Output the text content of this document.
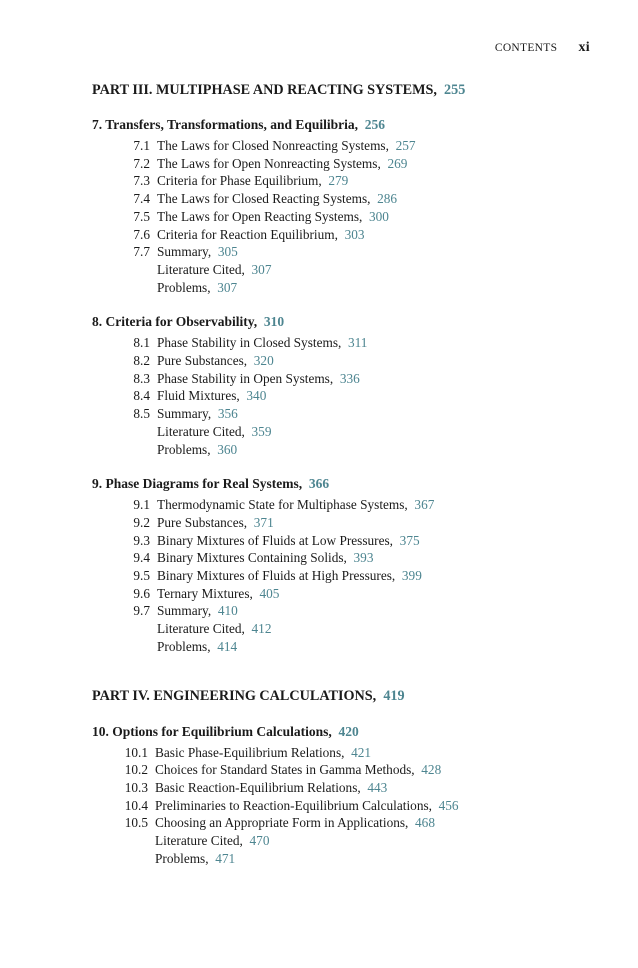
CONTENTS xi
PART III. MULTIPHASE AND REACTING SYSTEMS, 255
7. Transfers, Transformations, and Equilibria, 256
7.1 The Laws for Closed Nonreacting Systems, 257
7.2 The Laws for Open Nonreacting Systems, 269
7.3 Criteria for Phase Equilibrium, 279
7.4 The Laws for Closed Reacting Systems, 286
7.5 The Laws for Open Reacting Systems, 300
7.6 Criteria for Reaction Equilibrium, 303
7.7 Summary, 305
Literature Cited, 307
Problems, 307
8. Criteria for Observability, 310
8.1 Phase Stability in Closed Systems, 311
8.2 Pure Substances, 320
8.3 Phase Stability in Open Systems, 336
8.4 Fluid Mixtures, 340
8.5 Summary, 356
Literature Cited, 359
Problems, 360
9. Phase Diagrams for Real Systems, 366
9.1 Thermodynamic State for Multiphase Systems, 367
9.2 Pure Substances, 371
9.3 Binary Mixtures of Fluids at Low Pressures, 375
9.4 Binary Mixtures Containing Solids, 393
9.5 Binary Mixtures of Fluids at High Pressures, 399
9.6 Ternary Mixtures, 405
9.7 Summary, 410
Literature Cited, 412
Problems, 414
PART IV. ENGINEERING CALCULATIONS, 419
10. Options for Equilibrium Calculations, 420
10.1 Basic Phase-Equilibrium Relations, 421
10.2 Choices for Standard States in Gamma Methods, 428
10.3 Basic Reaction-Equilibrium Relations, 443
10.4 Preliminaries to Reaction-Equilibrium Calculations, 456
10.5 Choosing an Appropriate Form in Applications, 468
Literature Cited, 470
Problems, 471
